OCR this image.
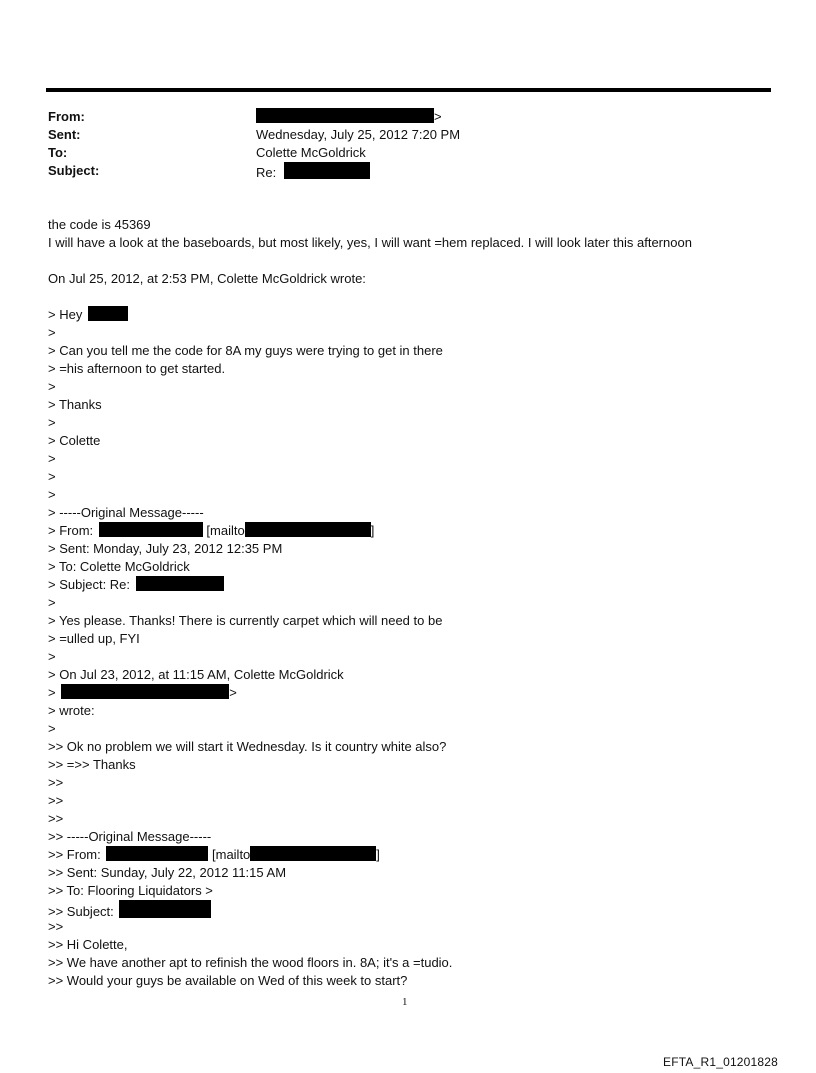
From:	>
Sent:	Wednesday, July 25, 2012 7:20 PM
To:	Colette McGoldrick
Subject:	Re:
the code is 45369
I will have a look at the baseboards, but most likely, yes, I will want =hem replaced. I will look later this afternoon
On Jul 25, 2012, at 2:53 PM, Colette McGoldrick wrote:
> Hey
>
> Can you tell me the code for 8A my guys were trying to get in there
> =his afternoon to get started.
>
> Thanks
>
> Colette
>
>
>
> -----Original Message-----
> From:	[mailto	]
> Sent: Monday, July 23, 2012 12:35 PM
> To: Colette McGoldrick
> Subject: Re:
>
> Yes please. Thanks! There is currently carpet which will need to be
> =ulled up, FYI
>
> On Jul 23, 2012, at 11:15 AM, Colette McGoldrick
>	>
> wrote:
>
>> Ok no problem we will start it Wednesday. Is it country white also?
>> =>> Thanks
>>
>>
>>
>> -----Original Message-----
>> From:	[mailto	]
>> Sent: Sunday, July 22, 2012 11:15 AM
>> To: Flooring Liquidators >
>> Subject:
>>
>> Hi Colette,
>> We have another apt to refinish the wood floors in. 8A; it's a =tudio.
>> Would your guys be available on Wed of this week to start?
1
EFTA_R1_01201828
